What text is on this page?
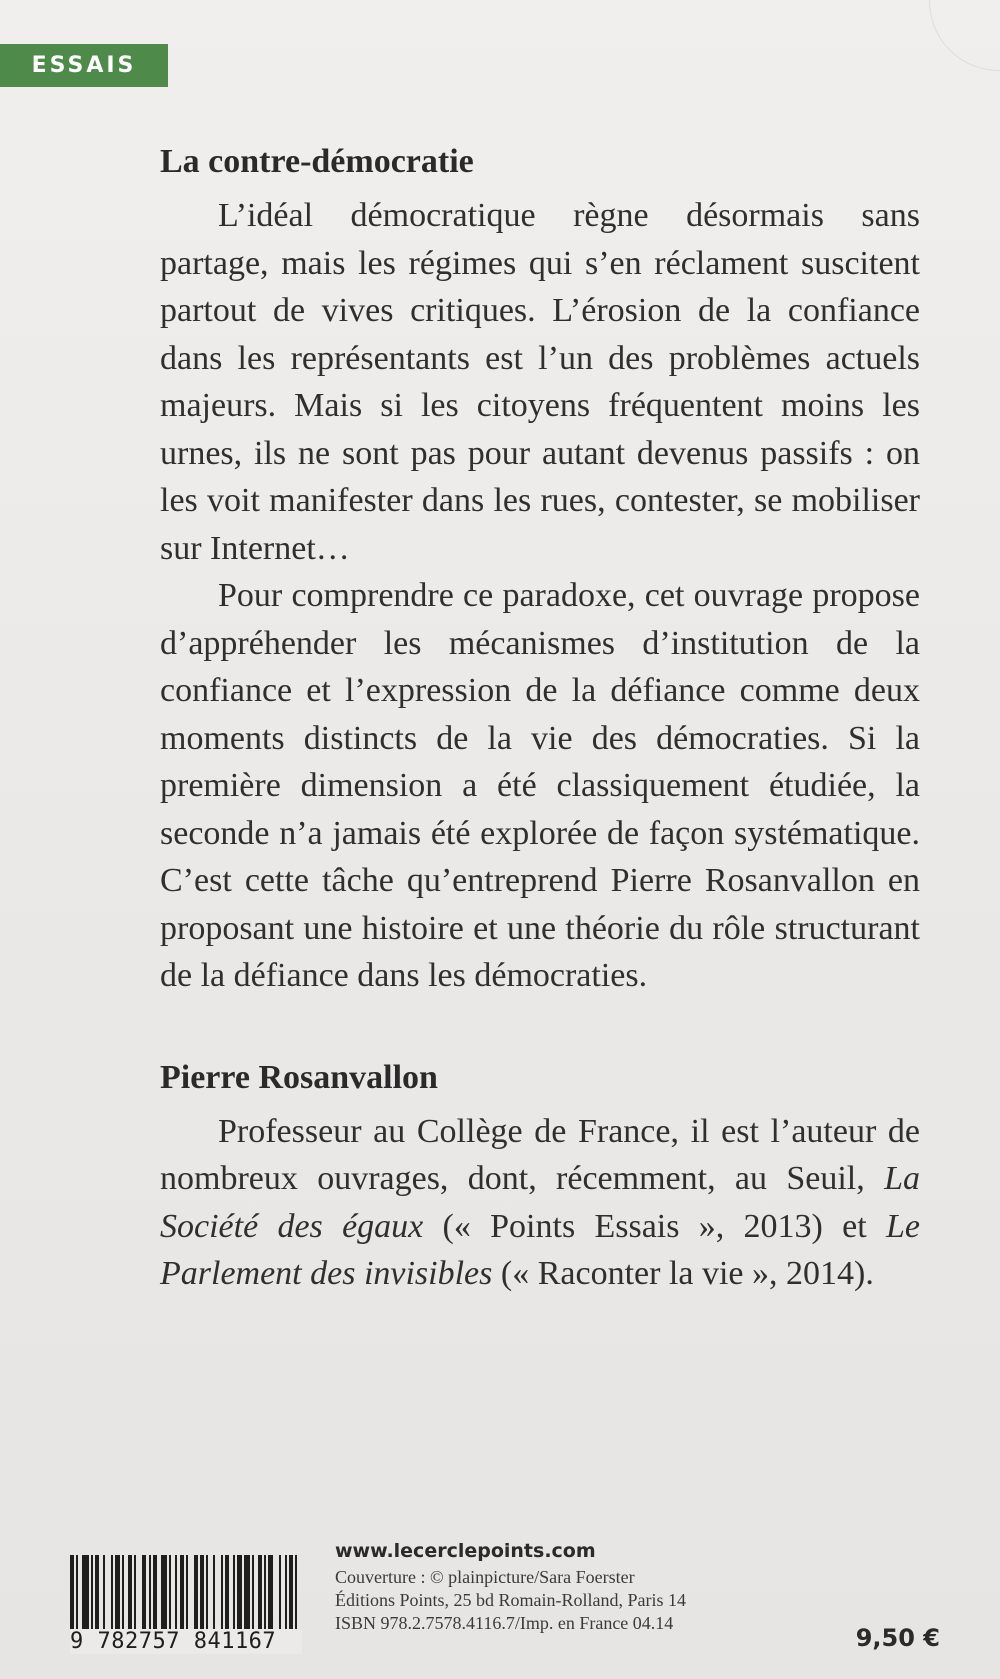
ESSAIS
La contre-démocratie

L’idéal démocratique règne désormais sans partage, mais les régimes qui s’en réclament suscitent partout de vives critiques. L’érosion de la confiance dans les représentants est l’un des problèmes actuels majeurs. Mais si les citoyens fréquentent moins les urnes, ils ne sont pas pour autant devenus passifs : on les voit manifester dans les rues, contester, se mobiliser sur Internet…

Pour comprendre ce paradoxe, cet ouvrage propose d’appréhender les mécanismes d’institution de la confiance et l’expression de la défiance comme deux moments distincts de la vie des démocraties. Si la première dimension a été classiquement étudiée, la seconde n’a jamais été explorée de façon systématique. C’est cette tâche qu’entreprend Pierre Rosanvallon en proposant une histoire et une théorie du rôle structurant de la défiance dans les démocraties.

Pierre Rosanvallon

Professeur au Collège de France, il est l’auteur de nombreux ouvrages, dont, récemment, au Seuil, La Société des égaux (« Points Essais », 2013) et Le Parlement des invisibles (« Raconter la vie », 2014).

9 782757 841167
www.lecerclepoints.com
Couverture : © plainpicture/Sara Foerster
Éditions Points, 25 bd Romain-Rolland, Paris 14
ISBN 978.2.7578.4116.7/Imp. en France 04.14
9,50 €
